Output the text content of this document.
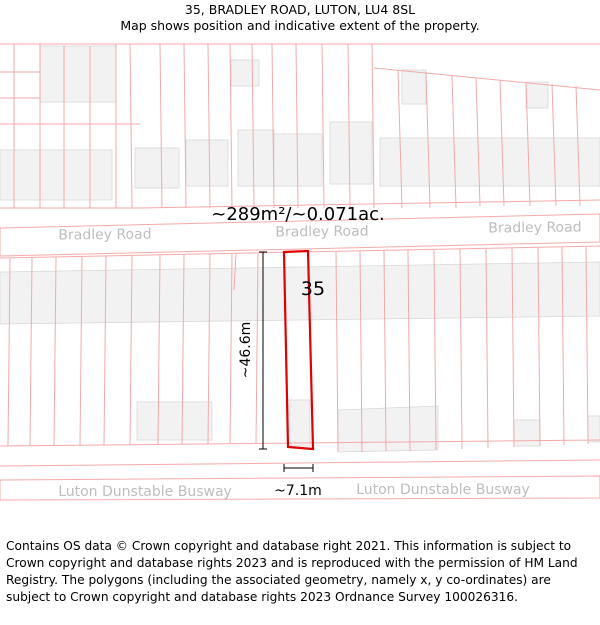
35, BRADLEY ROAD, LUTON, LU4 8SL
Map shows position and indicative extent of the property.
~289m²/~0.071ac.
Bradley Road	Bradley Road	Bradley Road
Luton Dunstable Busway	Luton Dunstable Busway
35
~46.6m
~7.1m
Contains OS data © Crown copyright and database right 2021. This information is subject to Crown copyright and database rights 2023 and is reproduced with the permission of HM Land Registry. The polygons (including the associated geometry, namely x, y co-ordinates) are subject to Crown copyright and database rights 2023 Ordnance Survey 100026316.
